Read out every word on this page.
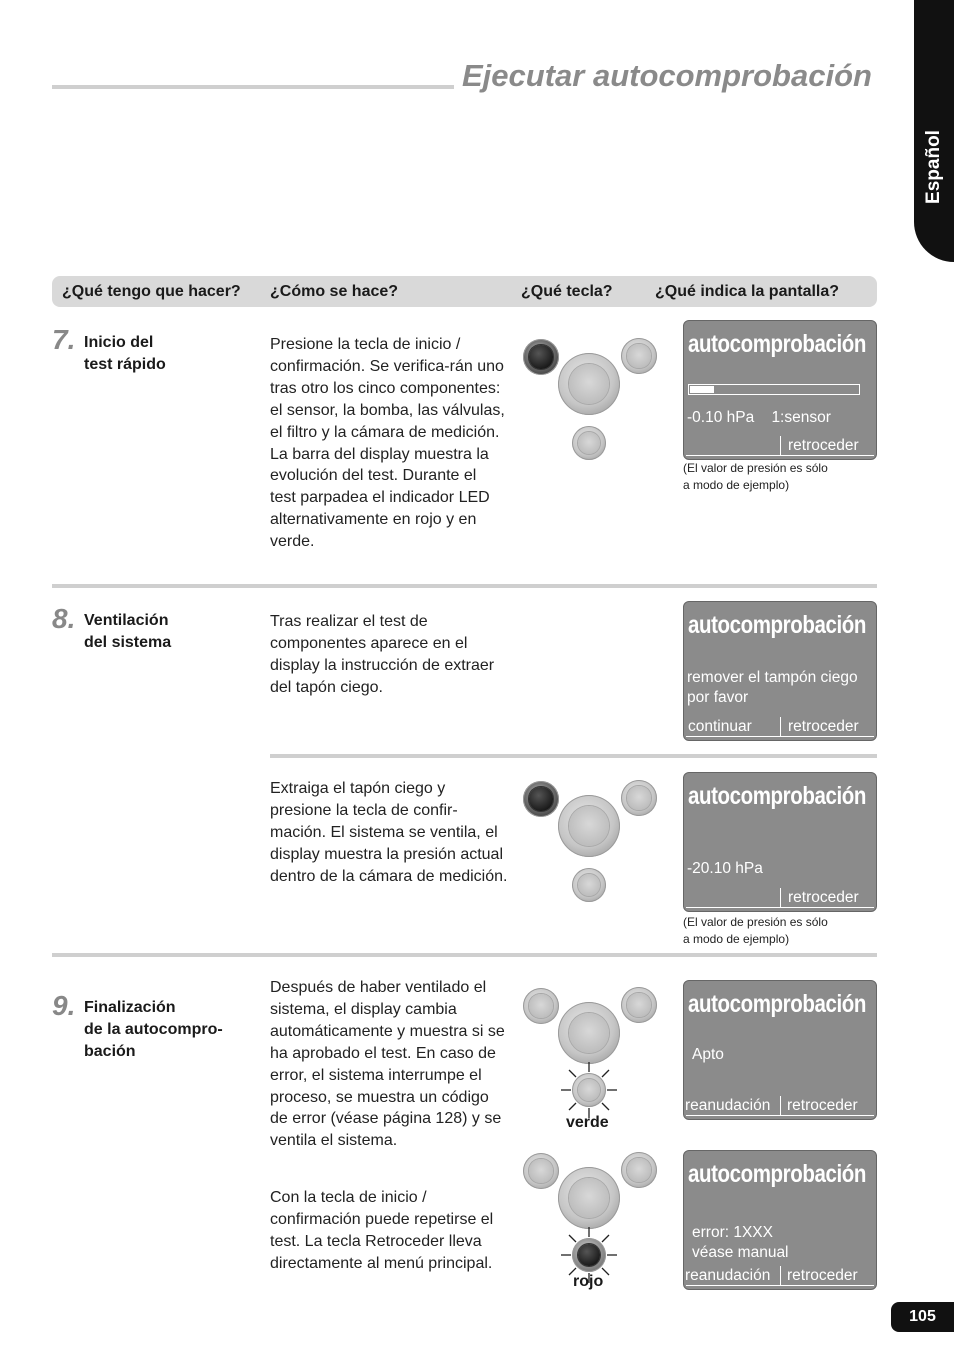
Ejecutar autocomprobación
Español
¿Qué tengo que hacer? ¿Cómo se hace?	¿Qué tecla?	¿Qué indica la pantalla?
7. Inicio del
test rápido
Presione la tecla de inicio / confirmación. Se verifica-rán uno tras otro los cinco componentes: el sensor, la bomba, las válvulas, el filtro y la cámara de medición. La barra del display muestra la evolución del test. Durante el test parpadea el indicador LED alternativamente en rojo y en verde.
autocomprobación
-0.10 hPa    1:sensor
retroceder
(El valor de presión es sólo
a modo de ejemplo)
8. Ventilación
del sistema
Tras realizar el test de componentes aparece en el display la instrucción de extraer del tapón ciego.
autocomprobación
remover el tampón ciego
por favor
continuar retroceder
Extraiga el tapón ciego y presione la tecla de confir-mación. El sistema se ventila, el display muestra la presión actual dentro de la cámara de medición.
autocomprobación
-20.10 hPa
retroceder
(El valor de presión es sólo
a modo de ejemplo)
9. Finalización
de la autocompro-
bación
Después de haber ventilado el sistema, el display cambia automáticamente y muestra si se ha aprobado el test. En caso de error, el sistema interrumpe el proceso, se muestra un código de error (véase página 128) y se ventila el sistema.
Con la tecla de inicio / confirmación puede repetirse el test. La tecla Retroceder lleva directamente al menú principal.
verde
autocomprobación
Apto
reanudación retroceder
rojo
autocomprobación
error: 1XXX
véase manual
reanudación retroceder
105
